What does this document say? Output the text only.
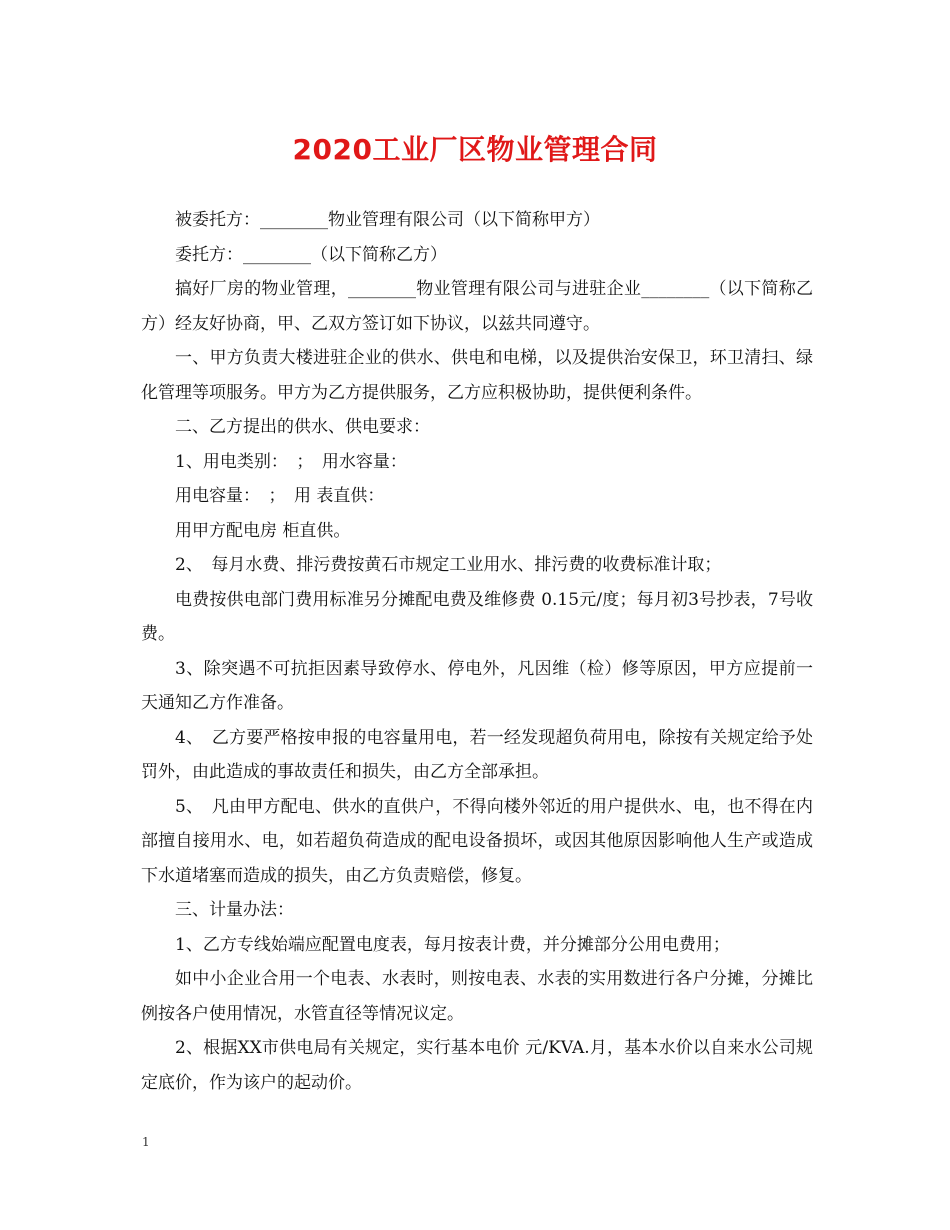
2020工业厂区物业管理合同

被委托方：________物业管理有限公司（以下简称甲方）

委托方：________（以下简称乙方）

搞好厂房的物业管理，________物业管理有限公司与进驻企业________（以下简称乙方）经友好协商，甲、乙双方签订如下协议，以兹共同遵守。

一、甲方负责大楼进驻企业的供水、供电和电梯，以及提供治安保卫，环卫清扫、绿化管理等项服务。甲方为乙方提供服务，乙方应积极协助，提供便利条件。

二、乙方提出的供水、供电要求：

1、用电类别：　；　用水容量：

用电容量：　；　用 表直供：

用甲方配电房 柜直供。

2、　每月水费、排污费按黄石市规定工业用水、排污费的收费标准计取；

电费按供电部门费用标准另分摊配电费及维修费 0.15元/度；每月初3号抄表，7号收费。

3、除突遇不可抗拒因素导致停水、停电外，凡因维（检）修等原因，甲方应提前一天通知乙方作准备。

4、　乙方要严格按申报的电容量用电，若一经发现超负荷用电，除按有关规定给予处罚外，由此造成的事故责任和损失，由乙方全部承担。

5、　凡由甲方配电、供水的直供户，不得向楼外邻近的用户提供水、电，也不得在内部擅自接用水、电，如若超负荷造成的配电设备损坏，或因其他原因影响他人生产或造成下水道堵塞而造成的损失，由乙方负责赔偿，修复。

三、计量办法：

1、乙方专线始端应配置电度表，每月按表计费，并分摊部分公用电费用；

如中小企业合用一个电表、水表时，则按电表、水表的实用数进行各户分摊，分摊比例按各户使用情况，水管直径等情况议定。

2、根据XX市供电局有关规定，实行基本电价 元/KVA.月，基本水价以自来水公司规定底价，作为该户的起动价。

1
